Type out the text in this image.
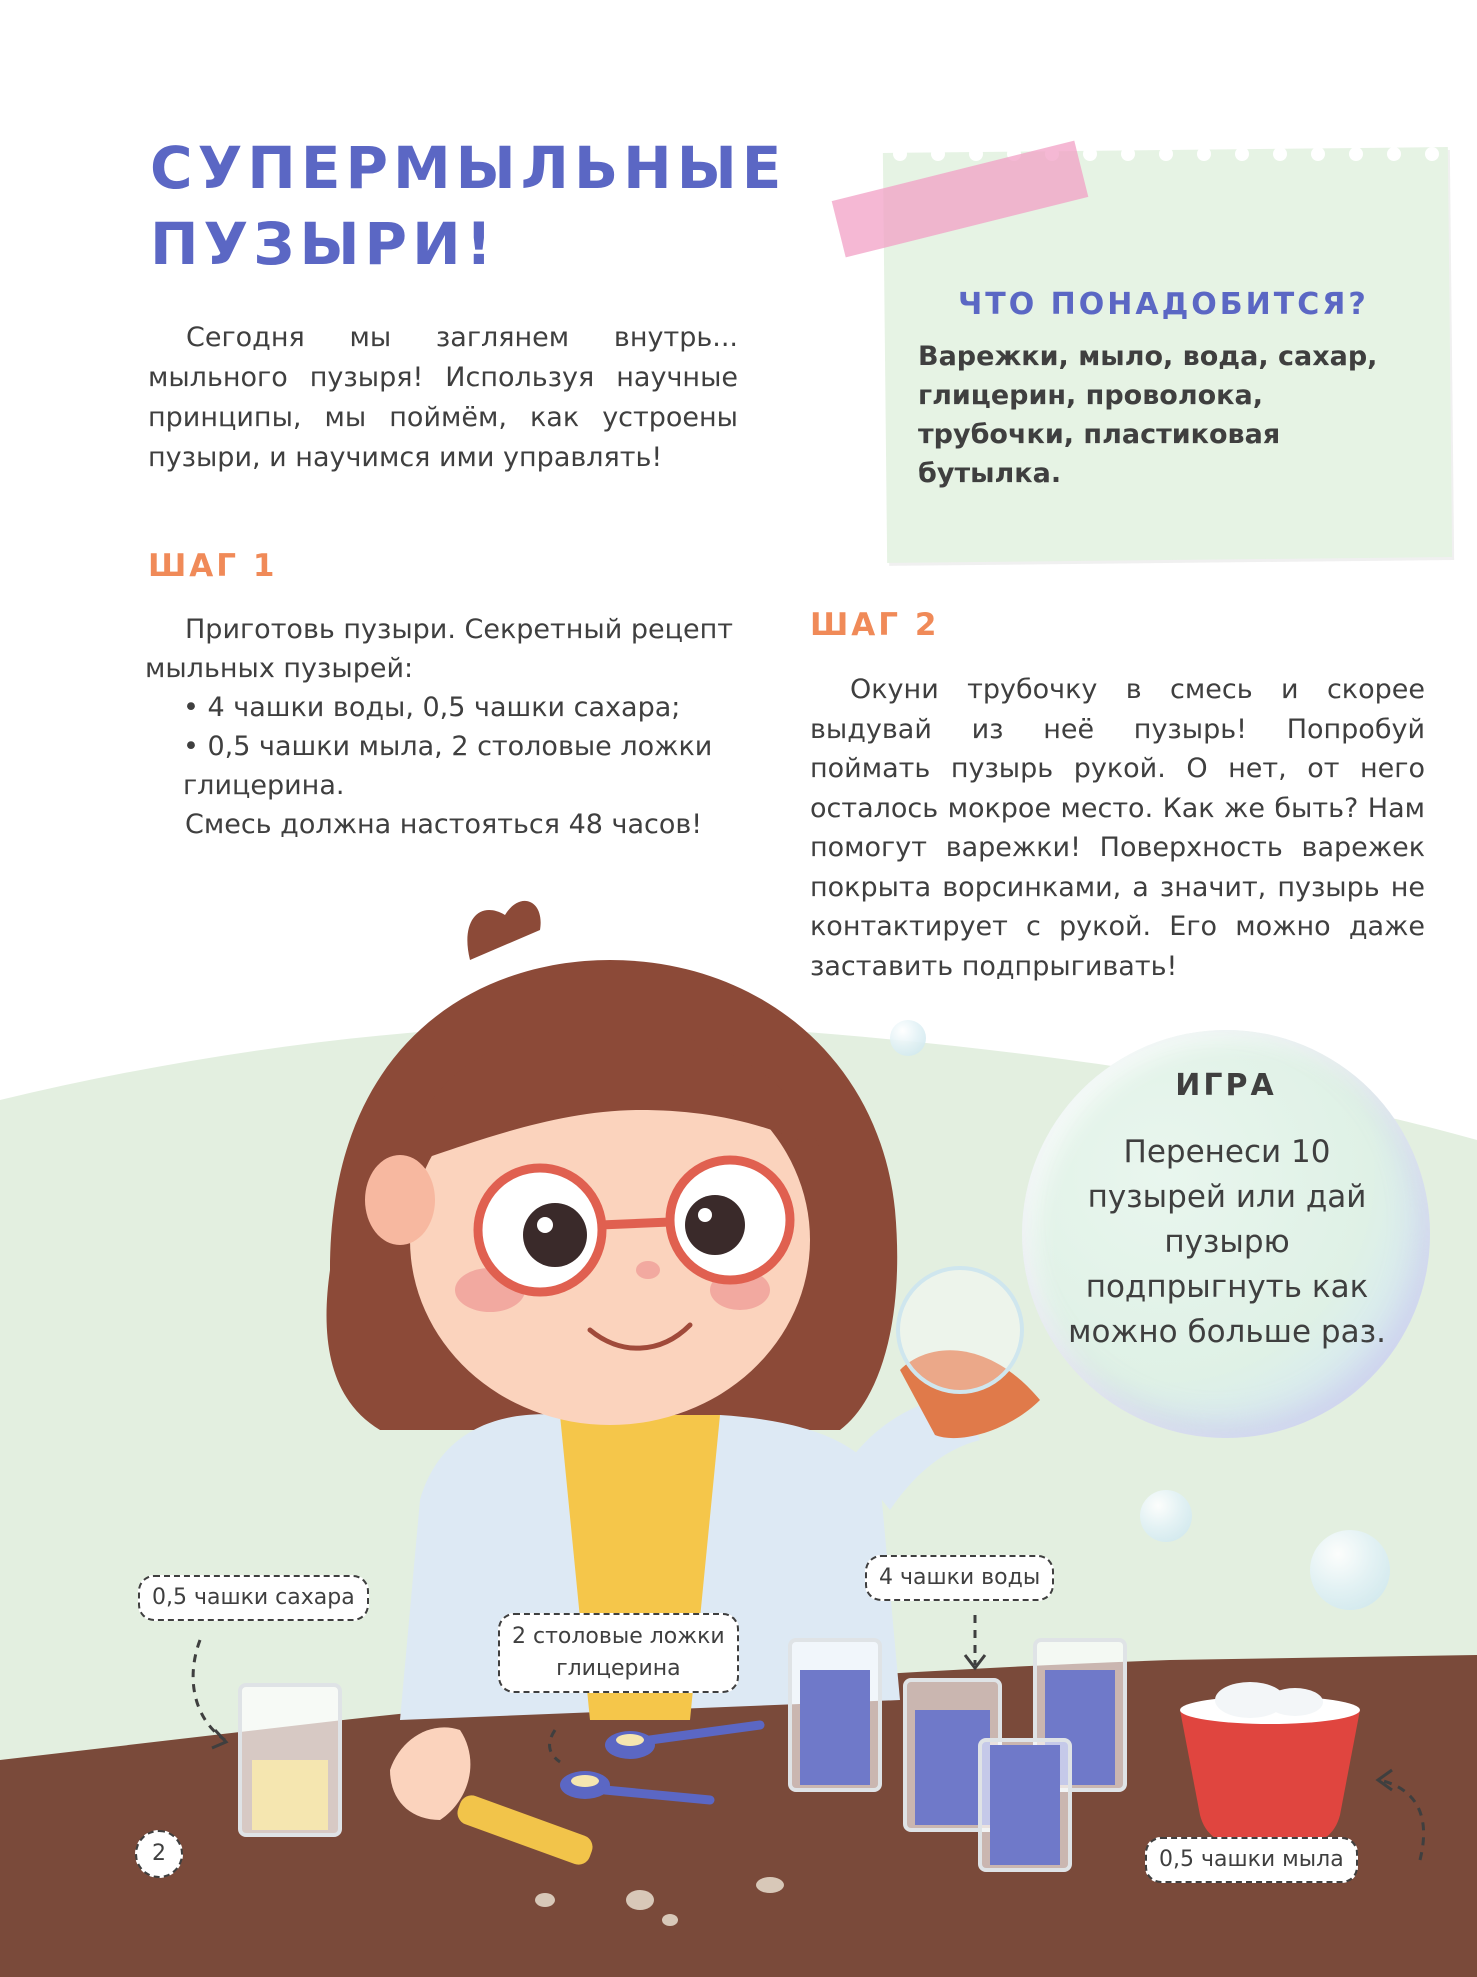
СУПЕРМЫЛЬНЫЕ
ПУЗЫРИ!

Сегодня мы заглянем внутрь... мыльного пузыря! Используя научные принципы, мы поймём, как устроены пузыри, и научимся ими управлять!

ЧТО ПОНАДОБИТСЯ?

Варежки, мыло, вода, сахар, глицерин, проволока, трубочки, пластиковая бутылка.

ШАГ 1

Приготовь пузыри. Секретный рецепт мыльных пузырей:

• 4 чашки воды, 0,5 чашки сахара;

• 0,5 чашки мыла, 2 столовые ложки глицерина.

Смесь должна настояться 48 часов!

ШАГ 2

Окуни трубочку в смесь и скорее выдувай из неё пузырь! Попробуй поймать пузырь рукой. О нет, от него осталось мокрое место. Как же быть? Нам помогут варежки! Поверхность варежек покрыта ворсинками, а значит, пузырь не контактирует с рукой. Его можно даже заставить подпрыгивать!

ИГРА

Перенеси 10 пузырей или дай пузырю подпрыгнуть как можно больше раз.

0,5 чашки сахара
2 столовые ложки
глицерина
4 чашки воды
0,5 чашки мыла
2
